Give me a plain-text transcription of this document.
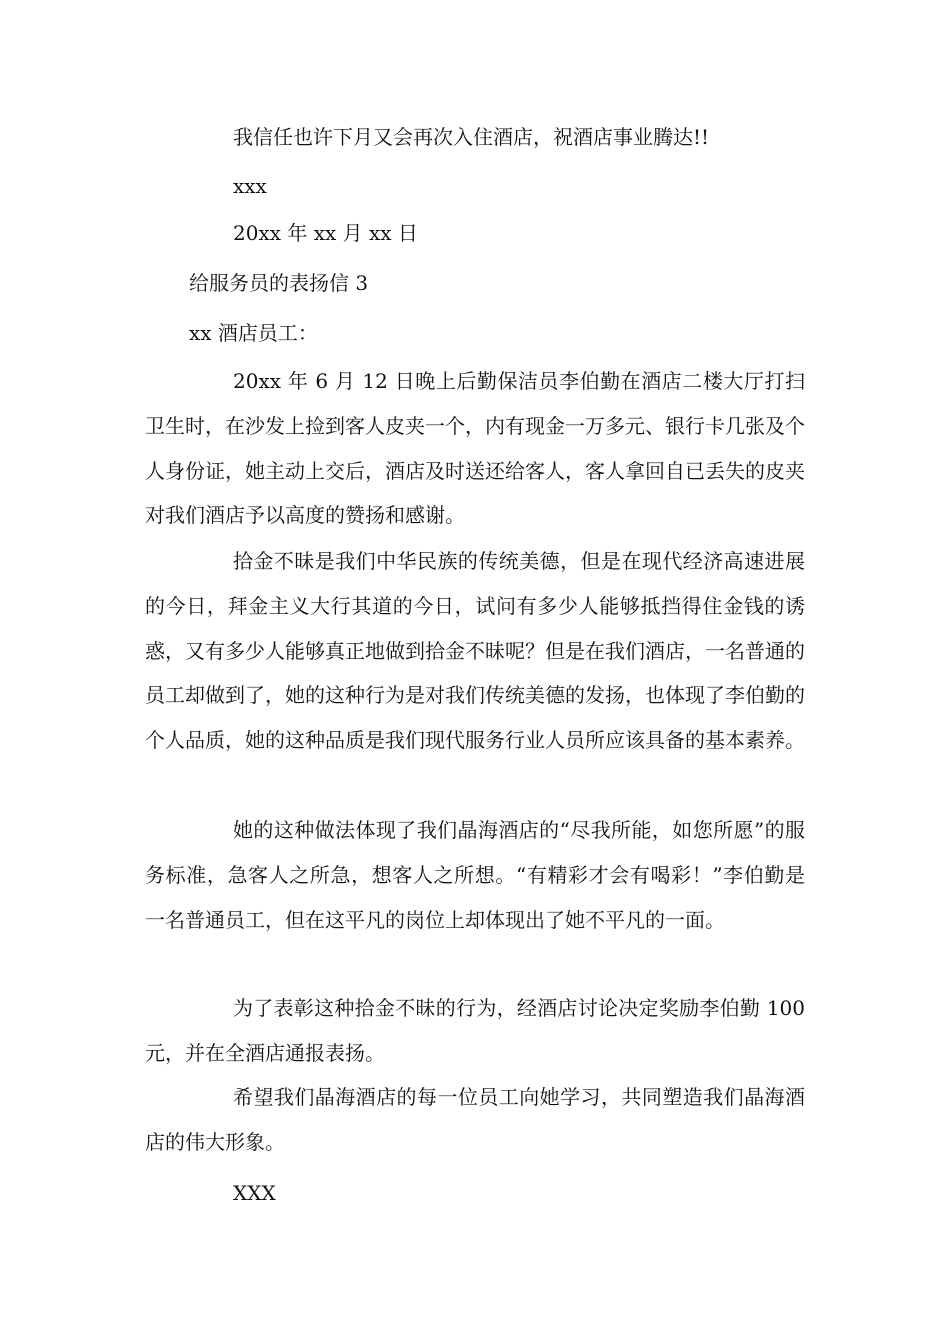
我信任也许下月又会再次入住酒店，祝酒店事业腾达!!

xxx

20xx 年 xx 月 xx 日

给服务员的表扬信 3

xx 酒店员工：

20xx 年 6 月 12 日晚上后勤保洁员李伯勤在酒店二楼大厅打扫卫生时，在沙发上捡到客人皮夹一个，内有现金一万多元、银行卡几张及个人身份证，她主动上交后，酒店及时送还给客人，客人拿回自已丢失的皮夹对我们酒店予以高度的赞扬和感谢。

拾金不昧是我们中华民族的传统美德，但是在现代经济高速进展的今日，拜金主义大行其道的今日，试问有多少人能够抵挡得住金钱的诱惑，又有多少人能够真正地做到拾金不昧呢？但是在我们酒店，一名普通的员工却做到了，她的这种行为是对我们传统美德的发扬，也体现了李伯勤的个人品质，她的这种品质是我们现代服务行业人员所应该具备的基本素养。

她的这种做法体现了我们晶海酒店的“尽我所能，如您所愿”的服务标准，急客人之所急，想客人之所想。“有精彩才会有喝彩！”李伯勤是一名普通员工，但在这平凡的岗位上却体现出了她不平凡的一面。

为了表彰这种拾金不昧的行为，经酒店讨论决定奖励李伯勤 100 元，并在全酒店通报表扬。

希望我们晶海酒店的每一位员工向她学习，共同塑造我们晶海酒店的伟大形象。

XXX
